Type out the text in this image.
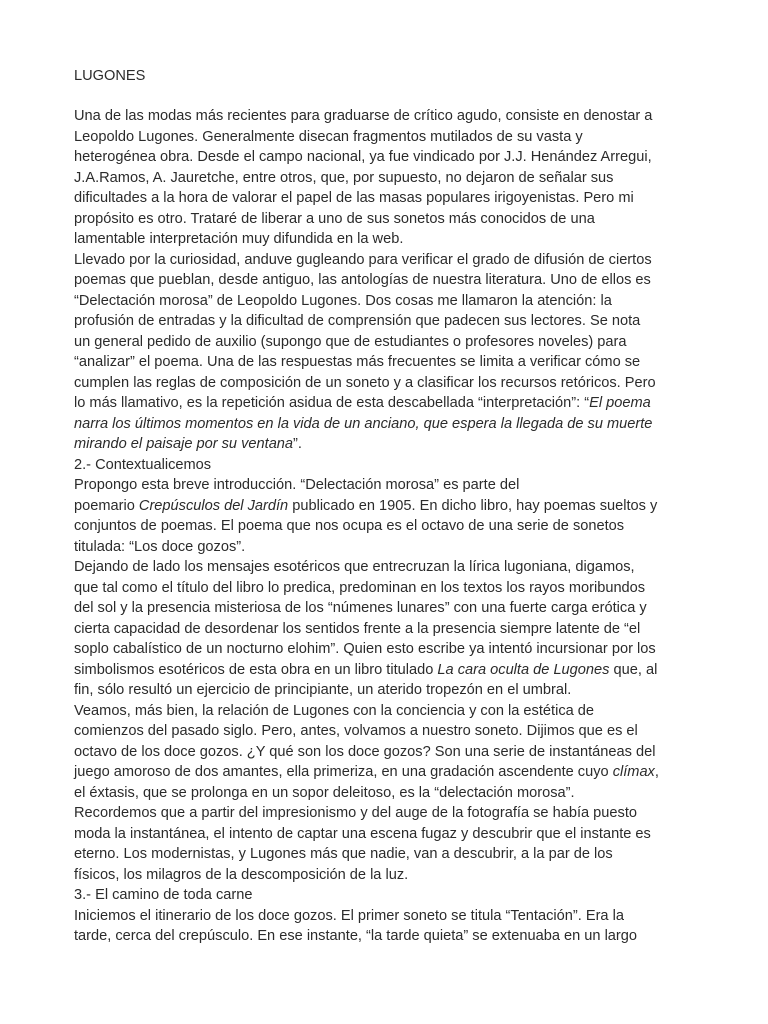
LUGONES
Una de las modas más recientes para graduarse de crítico agudo, consiste en denostar a
Leopoldo Lugones. Generalmente disecan fragmentos mutilados de su vasta y
heterogénea obra. Desde el campo nacional, ya fue vindicado por J.J. Henández Arregui,
J.A.Ramos, A. Jauretche, entre otros, que, por supuesto, no dejaron de señalar sus
dificultades a la hora de valorar el papel de las masas populares irigoyenistas. Pero mi
propósito es otro. Trataré de liberar a uno de sus sonetos más conocidos de una
lamentable interpretación muy difundida en la web.
Llevado por la curiosidad, anduve gugleando para verificar el grado de difusión de ciertos
poemas que pueblan, desde antiguo, las antologías de nuestra literatura. Uno de ellos es
“Delectación morosa” de Leopoldo Lugones. Dos cosas me llamaron la atención: la
profusión de entradas y la dificultad de comprensión que padecen sus lectores. Se nota
un general pedido de auxilio (supongo que de estudiantes o profesores noveles) para
“analizar” el poema. Una de las respuestas más frecuentes se limita a verificar cómo se
cumplen las reglas de composición de un soneto y a clasificar los recursos retóricos. Pero
lo más llamativo, es la repetición asidua de esta descabellada “interpretación”: “El poema
narra los últimos momentos en la vida de un anciano, que espera la llegada de su muerte
mirando el paisaje por su ventana”.
2.- Contextualicemos
Propongo esta breve introducción. “Delectación morosa” es parte del
poemario Crepúsculos del Jardín publicado en 1905. En dicho libro, hay poemas sueltos y
conjuntos de poemas. El poema que nos ocupa es el octavo de una serie de sonetos
titulada: “Los doce gozos”.
Dejando de lado los mensajes esotéricos que entrecruzan la lírica lugoniana, digamos,
que tal como el título del libro lo predica, predominan en los textos los rayos moribundos
del sol y la presencia misteriosa de los “númenes lunares” con una fuerte carga erótica y
cierta capacidad de desordenar los sentidos frente a la presencia siempre latente de “el
soplo cabalístico de un nocturno elohim”. Quien esto escribe ya intentó incursionar por los
simbolismos esotéricos de esta obra en un libro titulado La cara oculta de Lugones que, al
fin, sólo resultó un ejercicio de principiante, un aterido tropezón en el umbral.
Veamos, más bien, la relación de Lugones con la conciencia y con la estética de
comienzos del pasado siglo. Pero, antes, volvamos a nuestro soneto. Dijimos que es el
octavo de los doce gozos. ¿Y qué son los doce gozos? Son una serie de instantáneas del
juego amoroso de dos amantes, ella primeriza, en una gradación ascendente cuyo clímax,
el éxtasis, que se prolonga en un sopor deleitoso, es la “delectación morosa”.
Recordemos que a partir del impresionismo y del auge de la fotografía se había puesto
moda la instantánea, el intento de captar una escena fugaz y descubrir que el instante es
eterno. Los modernistas, y Lugones más que nadie, van a descubrir, a la par de los
físicos, los milagros de la descomposición de la luz.
3.- El camino de toda carne
Iniciemos el itinerario de los doce gozos. El primer soneto se titula “Tentación”. Era la
tarde, cerca del crepúsculo. En ese instante, “la tarde quieta” se extenuaba en un largo
